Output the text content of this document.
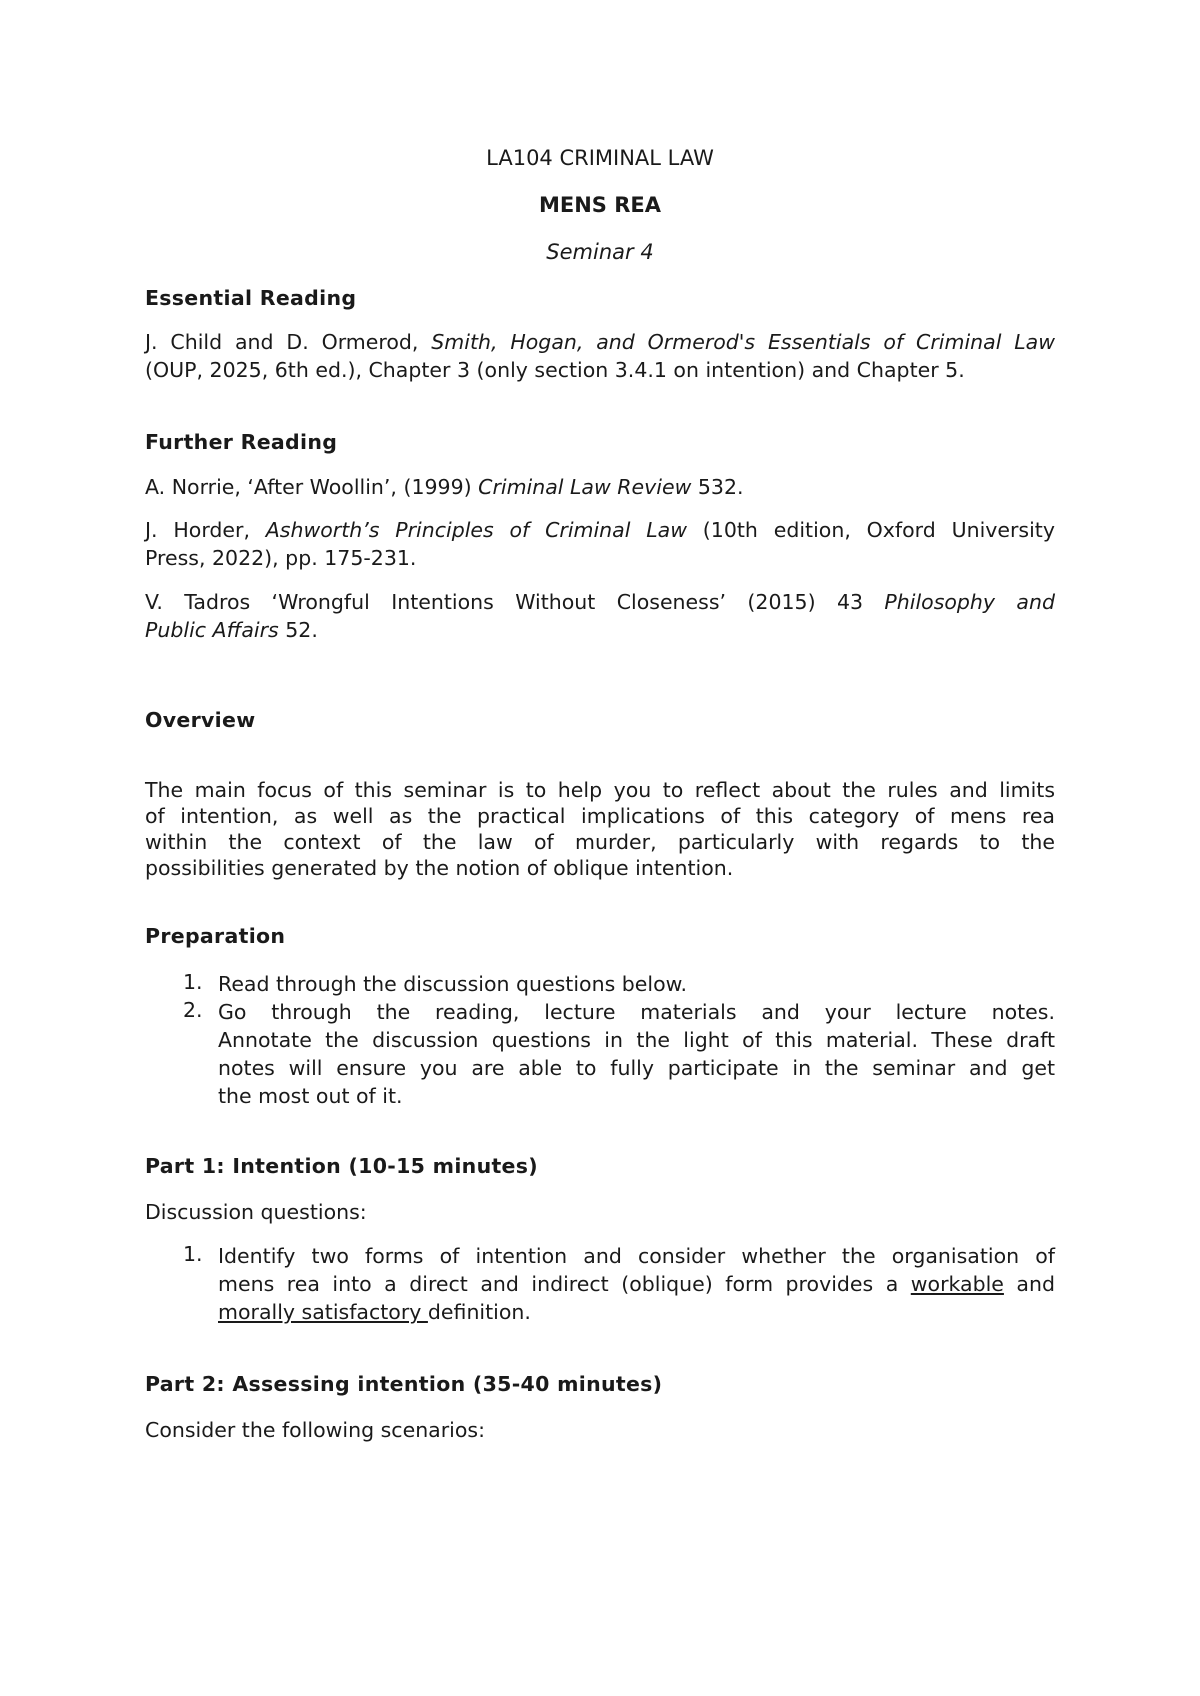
LA104 CRIMINAL LAW
MENS REA
Seminar 4
Essential Reading
J. Child and D. Ormerod, Smith, Hogan, and Ormerod's Essentials of Criminal Law
(OUP, 2025, 6th ed.), Chapter 3 (only section 3.4.1 on intention) and Chapter 5.
Further Reading
A. Norrie, ‘After Woollin’, (1999) Criminal Law Review 532.
J. Horder, Ashworth’s Principles of Criminal Law (10th edition, Oxford University
Press, 2022), pp. 175-231.
V. Tadros ‘Wrongful Intentions Without Closeness’ (2015) 43 Philosophy and
Public Affairs 52.
Overview
The main focus of this seminar is to help you to reflect about the rules and limits
of intention, as well as the practical implications of this category of mens rea
within the context of the law of murder, particularly with regards to the
possibilities generated by the notion of oblique intention.
Preparation
1. Read through the discussion questions below.
2. Go through the reading, lecture materials and your lecture notes.
Annotate the discussion questions in the light of this material. These draft
notes will ensure you are able to fully participate in the seminar and get
the most out of it.
Part 1: Intention (10-15 minutes)
Discussion questions:
1. Identify two forms of intention and consider whether the organisation of
mens rea into a direct and indirect (oblique) form provides a workable and
morally satisfactory definition.
Part 2: Assessing intention (35-40 minutes)
Consider the following scenarios:
